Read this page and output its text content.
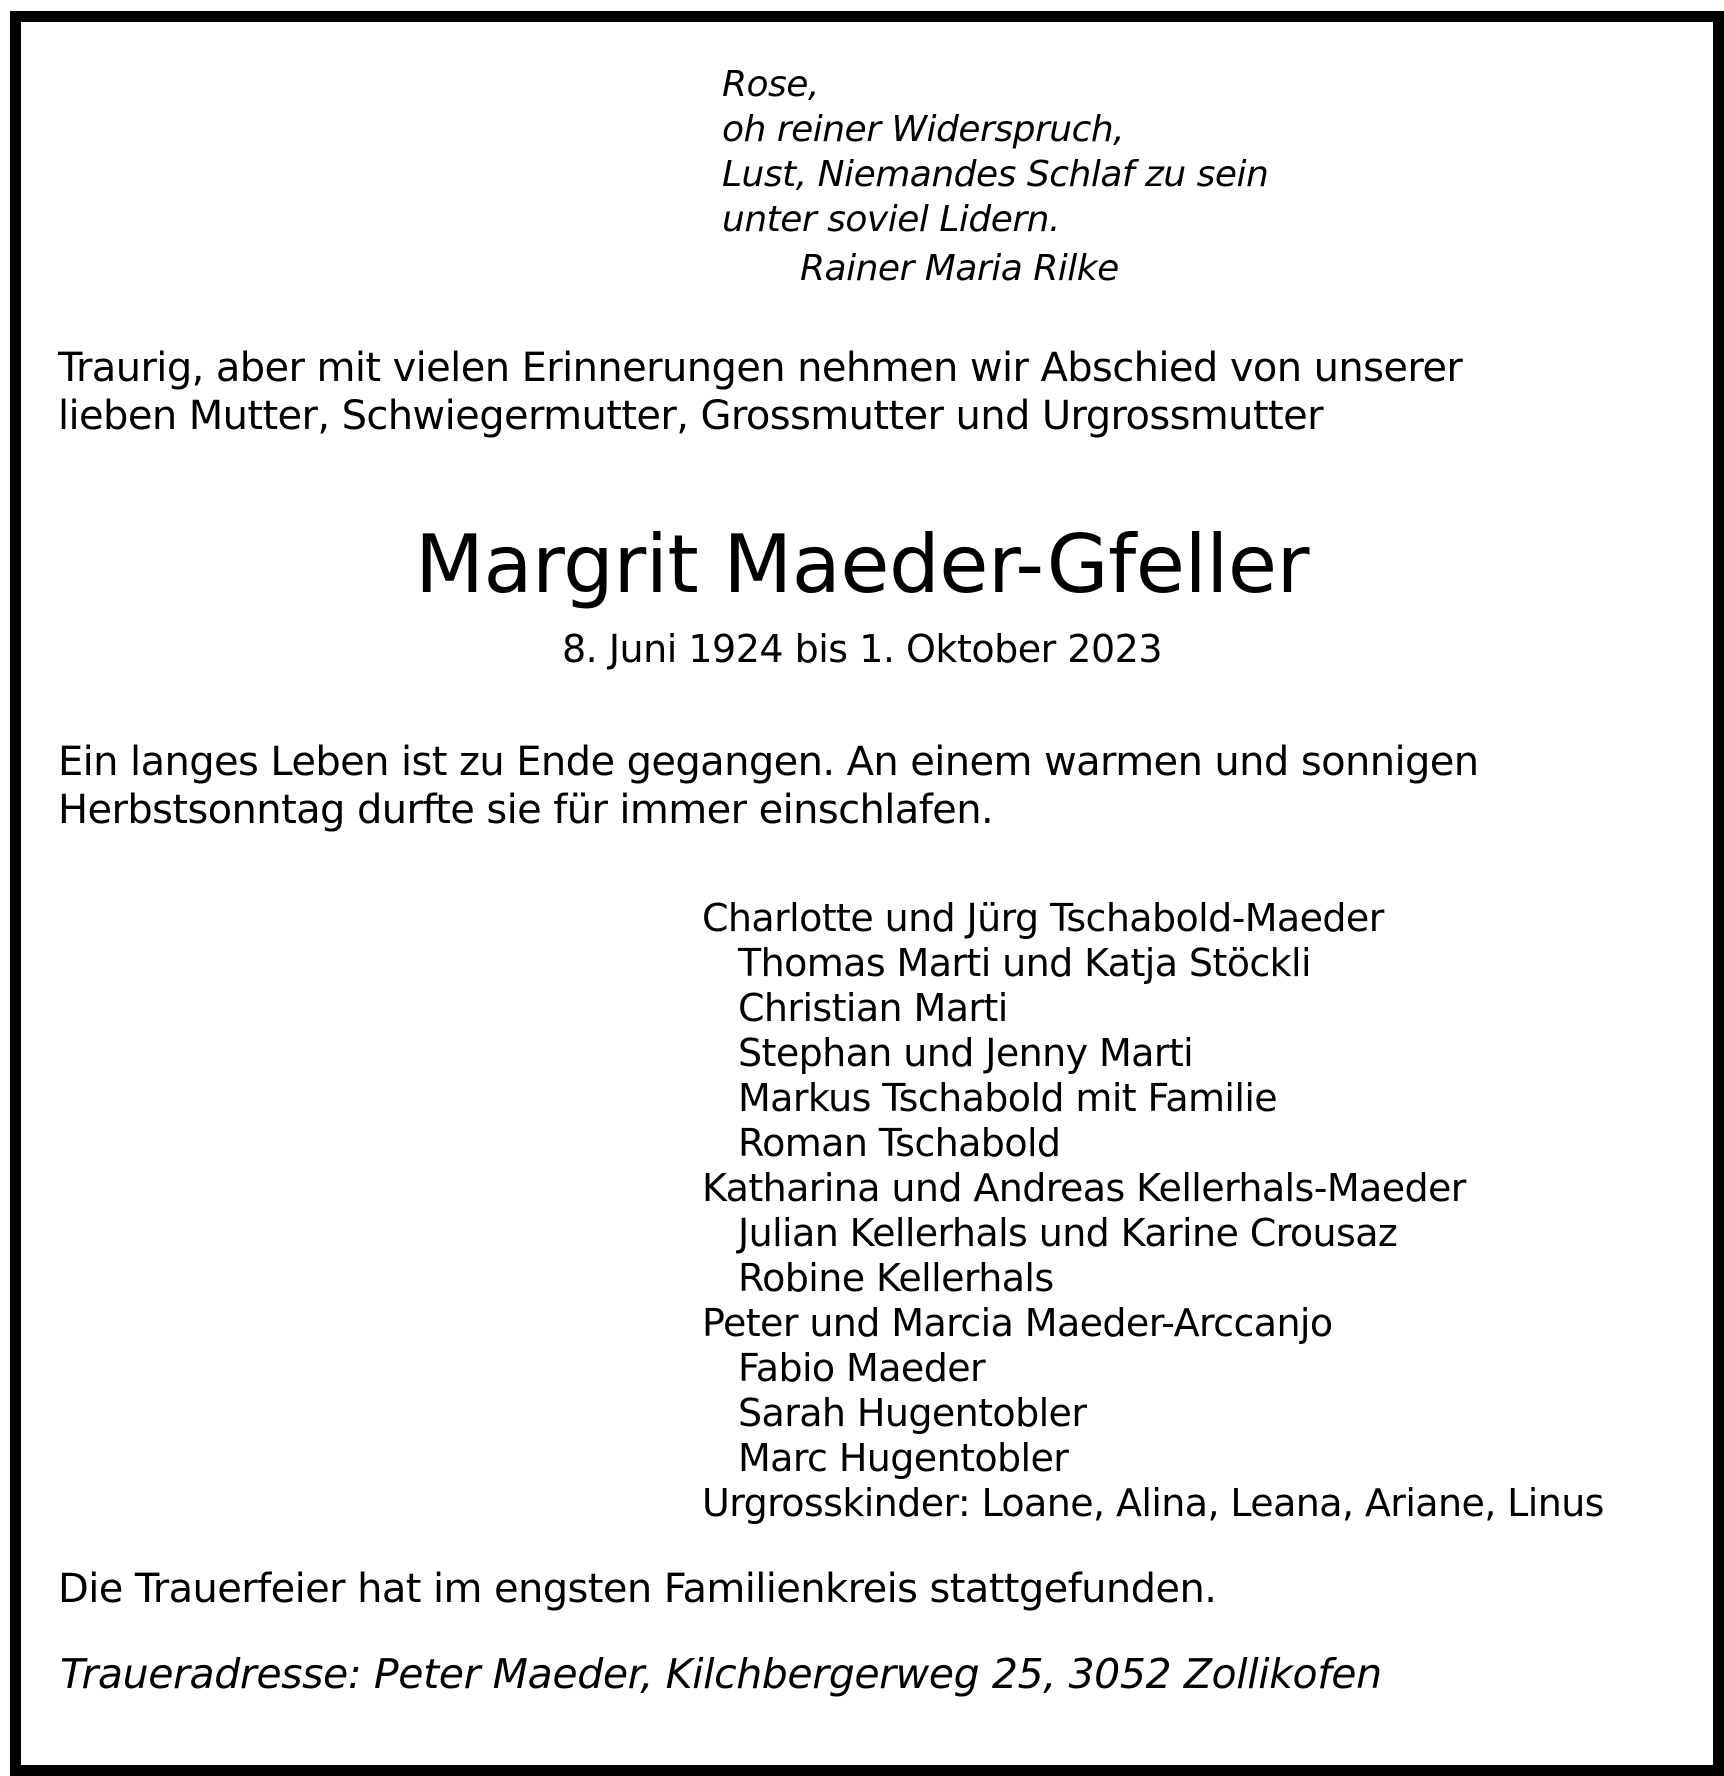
Rose,
oh reiner Widerspruch,
Lust, Niemandes Schlaf zu sein
unter soviel Lidern.
Rainer Maria Rilke
Traurig, aber mit vielen Erinnerungen nehmen wir Abschied von unserer
lieben Mutter, Schwiegermutter, Grossmutter und Urgrossmutter
Margrit Maeder-Gfeller
8. Juni 1924 bis 1. Oktober 2023
Ein langes Leben ist zu Ende gegangen. An einem warmen und sonnigen
Herbstsonntag durfte sie für immer einschlafen.
Charlotte und Jürg Tschabold-Maeder
Thomas Marti und Katja Stöckli
Christian Marti
Stephan und Jenny Marti
Markus Tschabold mit Familie
Roman Tschabold
Katharina und Andreas Kellerhals-Maeder
Julian Kellerhals und Karine Crousaz
Robine Kellerhals
Peter und Marcia Maeder-Arccanjo
Fabio Maeder
Sarah Hugentobler
Marc Hugentobler
Urgrosskinder: Loane, Alina, Leana, Ariane, Linus
Die Trauerfeier hat im engsten Familienkreis stattgefunden.
Traueradresse: Peter Maeder, Kilchbergerweg 25, 3052 Zollikofen
